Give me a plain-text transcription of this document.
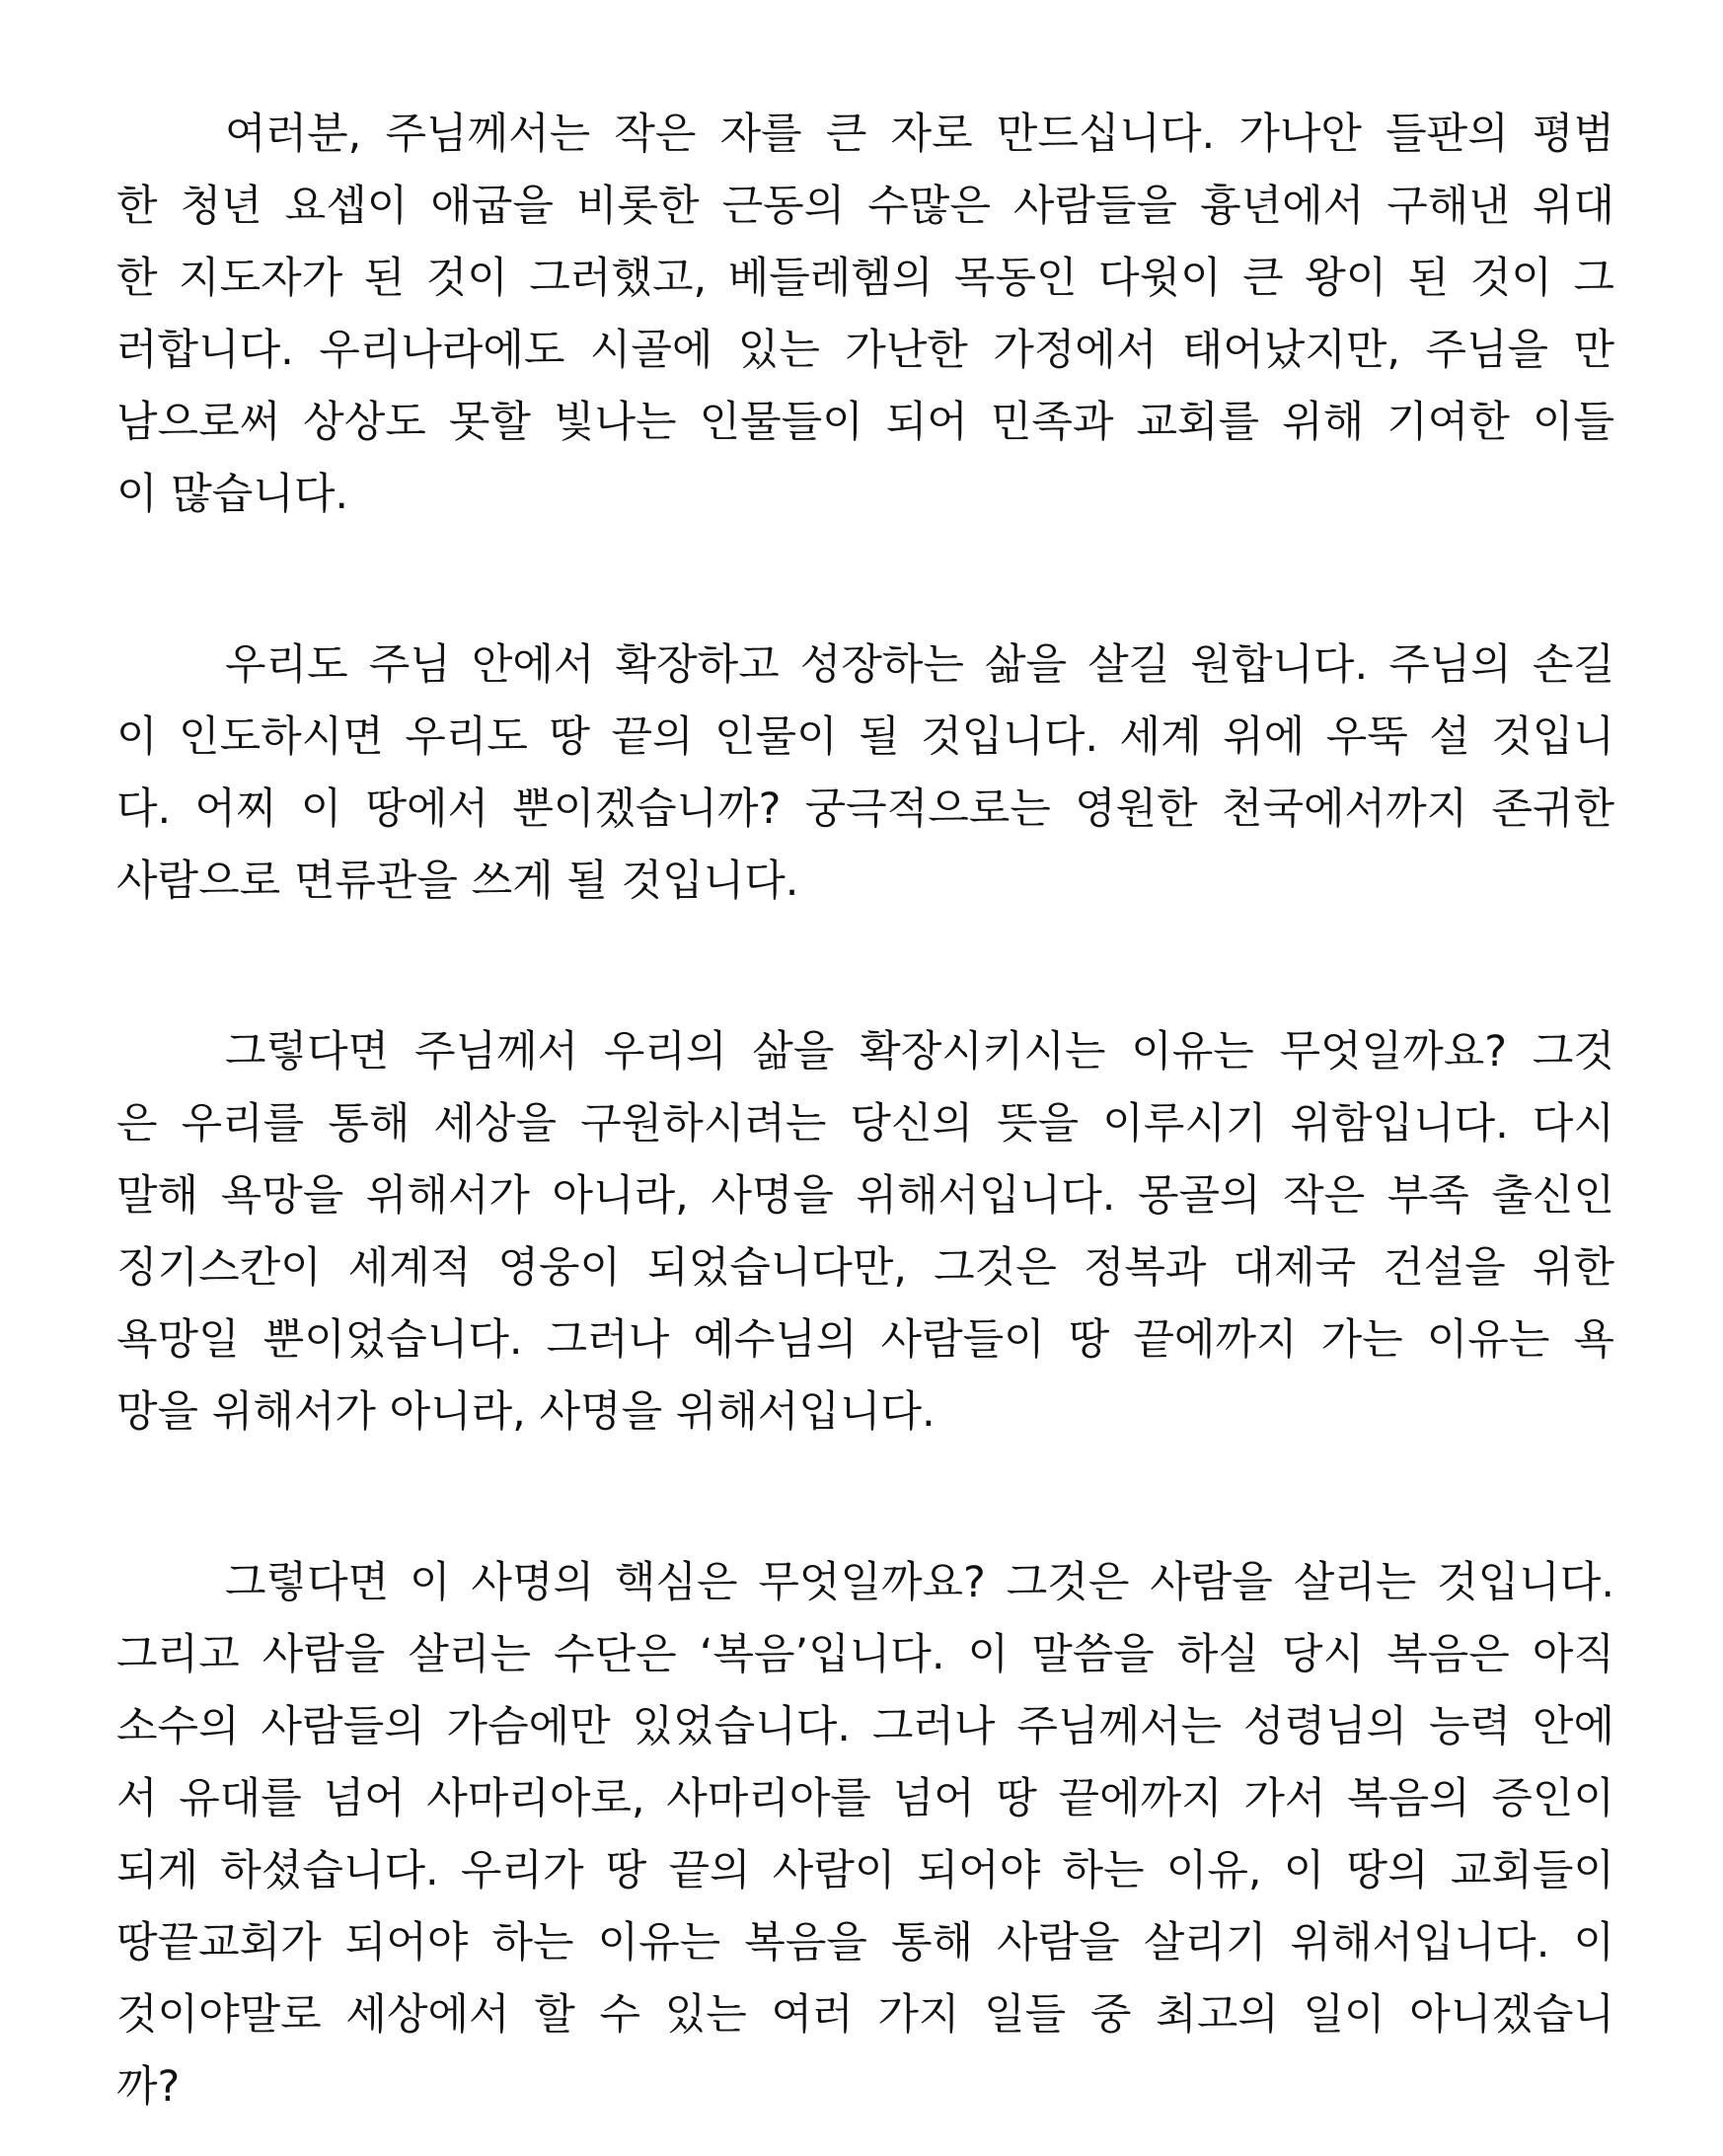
여러분, 주님께서는 작은 자를 큰 자로 만드십니다. 가나안 들판의 평범
한 청년 요셉이 애굽을 비롯한 근동의 수많은 사람들을 흉년에서 구해낸 위대
한 지도자가 된 것이 그러했고, 베들레헴의 목동인 다윗이 큰 왕이 된 것이 그
러합니다. 우리나라에도 시골에 있는 가난한 가정에서 태어났지만, 주님을 만
남으로써 상상도 못할 빛나는 인물들이 되어 민족과 교회를 위해 기여한 이들
이 많습니다.

우리도 주님 안에서 확장하고 성장하는 삶을 살길 원합니다. 주님의 손길
이 인도하시면 우리도 땅 끝의 인물이 될 것입니다. 세계 위에 우뚝 설 것입니
다. 어찌 이 땅에서 뿐이겠습니까? 궁극적으로는 영원한 천국에서까지 존귀한
사람으로 면류관을 쓰게 될 것입니다.

그렇다면 주님께서 우리의 삶을 확장시키시는 이유는 무엇일까요? 그것
은 우리를 통해 세상을 구원하시려는 당신의 뜻을 이루시기 위함입니다. 다시
말해 욕망을 위해서가 아니라, 사명을 위해서입니다. 몽골의 작은 부족 출신인
징기스칸이 세계적 영웅이 되었습니다만, 그것은 정복과 대제국 건설을 위한
욕망일 뿐이었습니다. 그러나 예수님의 사람들이 땅 끝에까지 가는 이유는 욕
망을 위해서가 아니라, 사명을 위해서입니다.

그렇다면 이 사명의 핵심은 무엇일까요? 그것은 사람을 살리는 것입니다.
그리고 사람을 살리는 수단은 ‘복음’입니다. 이 말씀을 하실 당시 복음은 아직
소수의 사람들의 가슴에만 있었습니다. 그러나 주님께서는 성령님의 능력 안에
서 유대를 넘어 사마리아로, 사마리아를 넘어 땅 끝에까지 가서 복음의 증인이
되게 하셨습니다. 우리가 땅 끝의 사람이 되어야 하는 이유, 이 땅의 교회들이
땅끝교회가 되어야 하는 이유는 복음을 통해 사람을 살리기 위해서입니다. 이
것이야말로 세상에서 할 수 있는 여러 가지 일들 중 최고의 일이 아니겠습니
까?
